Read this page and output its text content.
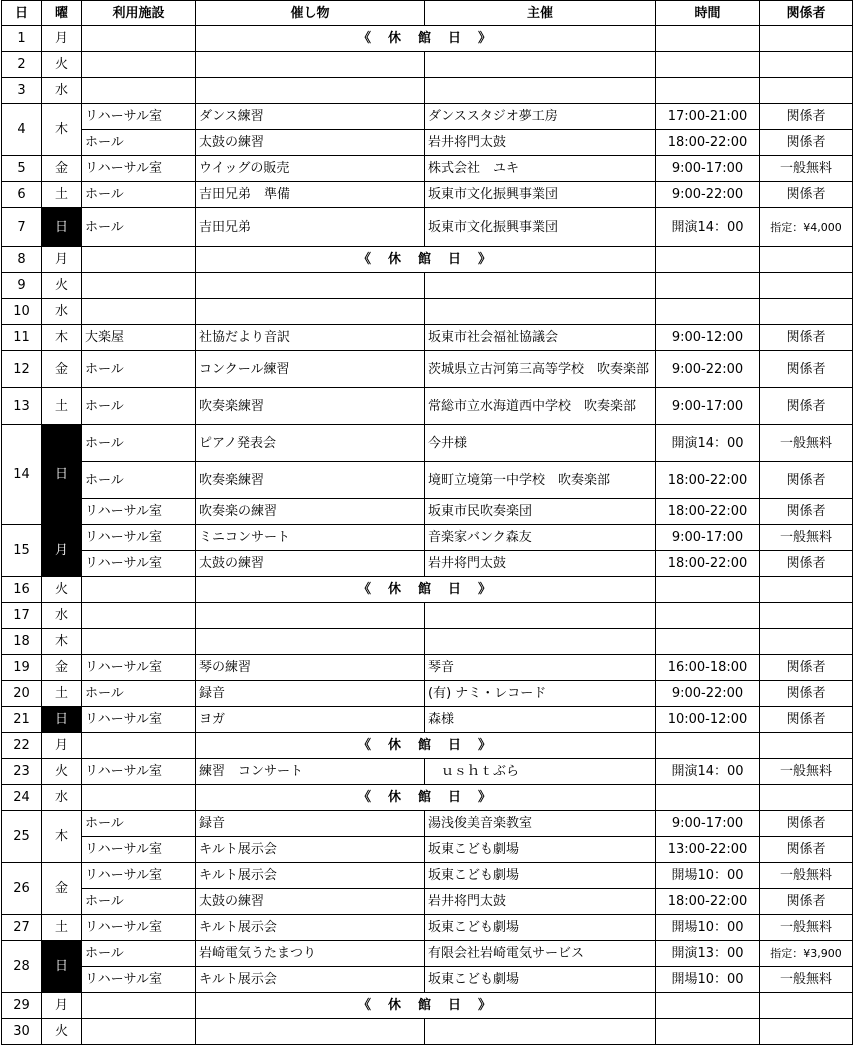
日	曜	利用施設	催し物	主催	時間	関係者
1	月		《　休　館　日　》			
2	火					
3	水					
4	木	リハーサル室	ダンス練習	ダンススタジオ夢工房	17:00-21:00	関係者
		ホール	太鼓の練習	岩井将門太鼓	18:00-22:00	関係者
5	金	リハーサル室	ウイッグの販売	株式会社　ユキ	9:00-17:00	一般無料
6	土	ホール	吉田兄弟　準備	坂東市文化振興事業団	9:00-22:00	関係者
7	日	ホール	吉田兄弟	坂東市文化振興事業団	開演14：00	指定：¥4,000
8	月		《　休　館　日　》			
9	火					
10	水					
11	木	大楽屋	社協だより音訳	坂東市社会福祉協議会	9:00-12:00	関係者
12	金	ホール	コンクール練習	茨城県立古河第三高等学校　吹奏楽部	9:00-22:00	関係者
13	土	ホール	吹奏楽練習	常総市立水海道西中学校　吹奏楽部	9:00-17:00	関係者
14	日	ホール	ピアノ発表会	今井様	開演14：00	一般無料
		ホール	吹奏楽練習	境町立境第一中学校　吹奏楽部	18:00-22:00	関係者
		リハーサル室	吹奏楽の練習	坂東市民吹奏楽団	18:00-22:00	関係者
15	月	リハーサル室	ミニコンサート	音楽家バンク森友	9:00-17:00	一般無料
		リハーサル室	太鼓の練習	岩井将門太鼓	18:00-22:00	関係者
16	火		《　休　館　日　》			
17	水					
18	木					
19	金	リハーサル室	琴の練習	琴音	16:00-18:00	関係者
20	土	ホール	録音	(有) ナミ・レコード	9:00-22:00	関係者
21	日	リハーサル室	ヨガ	森様	10:00-12:00	関係者
22	月		《　休　館　日　》			
23	火	リハーサル室	練習　コンサート	　ｕｓｈｔぶら	開演14：00	一般無料
24	水		《　休　館　日　》			
25	木	ホール	録音	湯浅俊美音楽教室	9:00-17:00	関係者
		リハーサル室	キルト展示会	坂東こども劇場	13:00-22:00	関係者
26	金	リハーサル室	キルト展示会	坂東こども劇場	開場10：00	一般無料
		ホール	太鼓の練習	岩井将門太鼓	18:00-22:00	関係者
27	土	リハーサル室	キルト展示会	坂東こども劇場	開場10：00	一般無料
28	日	ホール	岩崎電気うたまつり	有限会社岩崎電気サービス	開演13：00	指定：¥3,900
		リハーサル室	キルト展示会	坂東こども劇場	開場10：00	一般無料
29	月		《　休　館　日　》			
30	火					
